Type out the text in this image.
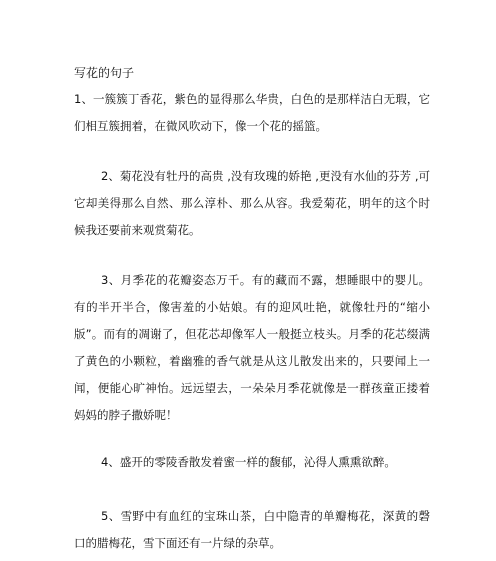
写花的句子

1、一簇簇丁香花，紫色的显得那么华贵，白色的是那样洁白无瑕，它们相互簇拥着，在微风吹动下，像一个花的摇篮。

2、菊花没有牡丹的高贵 ,没有玫瑰的娇艳 ,更没有水仙的芬芳 ,可它却美得那么自然、那么淳朴、那么从容。我爱菊花，明年的这个时候我还要前来观赏菊花。

3、月季花的花瓣姿态万千。有的藏而不露，想睡眼中的婴儿。有的半开半合，像害羞的小姑娘。有的迎风吐艳，就像牡丹的“缩小版”。而有的凋谢了，但花芯却像军人一般挺立枝头。月季的花芯缀满了黄色的小颗粒，着幽雅的香气就是从这儿散发出来的，只要闻上一闻，便能心旷神怡。远远望去，一朵朵月季花就像是一群孩童正搂着妈妈的脖子撒娇呢！

4、盛开的零陵香散发着蜜一样的馥郁，沁得人熏熏欲醉。

5、雪野中有血红的宝珠山茶，白中隐青的单瓣梅花，深黄的磬口的腊梅花，雪下面还有一片绿的杂草。
